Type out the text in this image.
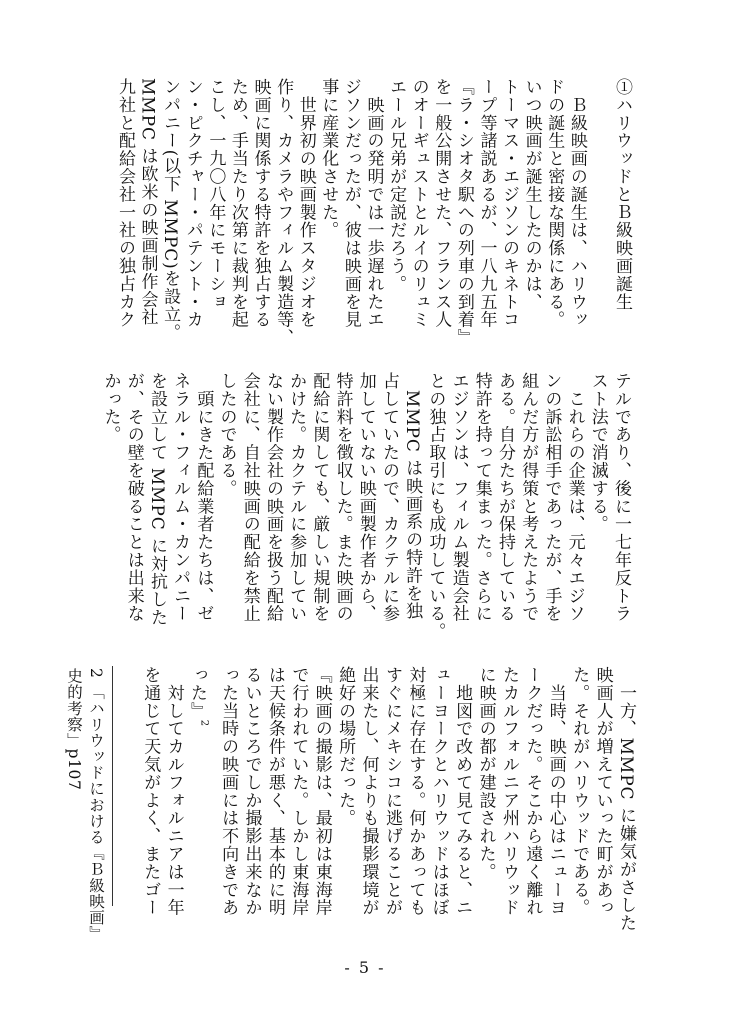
①ハリウッドとＢ級映画誕生

　Ｂ級映画の誕生は、ハリウッ
ドの誕生と密接な関係にある。
いつ映画が誕生したのかは、
トーマス・エジソンのキネトコ
ープ等諸説あるが、一八九五年
『ラ・シオタ駅への列車の到着』
を一般公開させた、フランス人
のオーギュストとルイのリュミ
エール兄弟が定説だろう。
　映画の発明では一歩遅れたエ
ジソンだったが、彼は映画を見
事に産業化させた。
　世界初の映画製作スタジオを
作り、カメラやフィルム製造等、
映画に関係する特許を独占する
ため、手当たり次第に裁判を起
こし、一九〇八年にモーショ
ン・ピクチャー・パテント・カ
ンパニー(以下 MMPC)を設立。
MMPC は欧米の映画制作会社
九社と配給会社一社の独占カク
テルであり、後に一七年反トラ
スト法で消滅する。
　これらの企業は、元々エジソ
ンの訴訟相手であったが、手を
組んだ方が得策と考えたようで
ある。自分たちが保持している
特許を持って集まった。さらに
エジソンは、フィルム製造会社
との独占取引にも成功している。
　MMPC は映画系の特許を独
占していたので、カクテルに参
加していない映画製作者から、
特許料を徴収した。また映画の
配給に関しても、厳しい規制を
かけた。カクテルに参加してい
ない製作会社の映画を扱う配給
会社に、自社映画の配給を禁止
したのである。
　頭にきた配給業者たちは、ゼ
ネラル・フィルム・カンパニー
を設立して MMPC に対抗した
が、その壁を破ることは出来な
かった。
　一方、MMPC に嫌気がさした
映画人が増えていった町があっ
た。それがハリウッドである。
　当時、映画の中心はニューヨ
ークだった。そこから遠く離れ
たカルフォルニア州ハリウッド
に映画の都が建設された。
　地図で改めて見てみると、ニ
ューヨークとハリウッドはほぼ
対極に存在する。何かあっても
すぐにメキシコに逃げることが
出来たし、何よりも撮影環境が
絶好の場所だった。
『映画の撮影は、最初は東海岸
で行われていた。しかし東海岸
は天候条件が悪く、基本的に明
るいところでしか撮影出来なか
った当時の映画には不向きであ
った』$^2$
　対してカルフォルニアは一年
を通じて天気がよく、またゴー
2 「ハリウッドにおける『Ｂ級映画』
史的考察」p107
- 5 -
